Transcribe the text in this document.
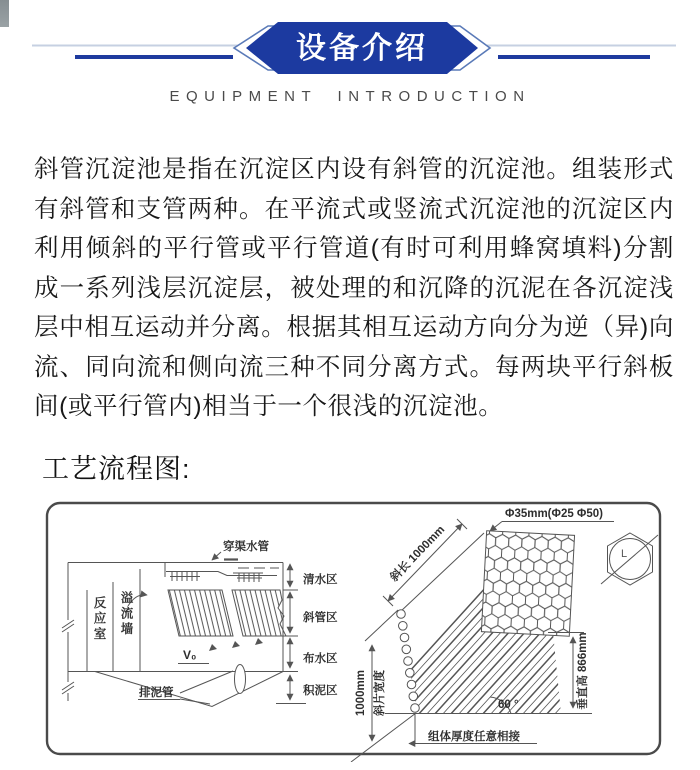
设备介绍
EQUIPMENT INTRODUCTION
斜管沉淀池是指在沉淀区内设有斜管的沉淀池。组装形式有斜管和支管两种。在平流式或竖流式沉淀池的沉淀区内利用倾斜的平行管或平行管道(有时可利用蜂窝填料)分割成一系列浅层沉淀层，被处理的和沉降的沉泥在各沉淀浅层中相互运动并分离。根据其相互运动方向分为逆（异)向流、同向流和侧向流三种不同分离方式。每两块平行斜板间(或平行管内)相当于一个很浅的沉淀池。
工艺流程图:
穿渠水管
V₀
排泥管
清水区
斜管区
布水区
积泥区
斜长 1000mm
Φ35mm(Φ25 Φ50)
1000mm 斜片宽度	垂直高 866mm
60 °
组体厚度任意相接
L
反应室 溢流墙
